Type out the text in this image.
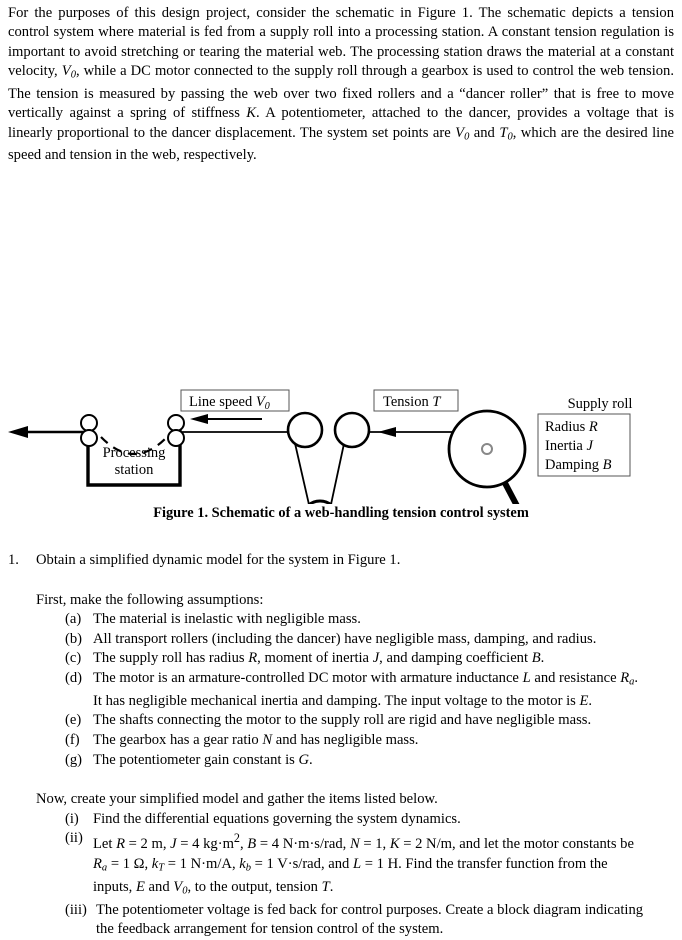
For the purposes of this design project, consider the schematic in Figure 1. The schematic depicts a tension control system where material is fed from a supply roll into a processing station. A constant tension regulation is important to avoid stretching or tearing the material web. The processing station draws the material at a constant velocity, $V_0$, while a DC motor connected to the supply roll through a gearbox is used to control the web tension. The tension is measured by passing the web over two fixed rollers and a “dancer roller” that is free to move vertically against a spring of stiffness K. A potentiometer, attached to the dancer, provides a voltage that is linearly proportional to the dancer displacement. The system set points are $V_0$ and $T_0$, which are the desired line speed and tension in the web, respectively.
Line speed $V_0$	Tension T
Processing
station
Supply roll
Radius R
Inertia J
Damping B
Figure 1. Schematic of a web-handling tension control system
1.	Obtain a simplified dynamic model for the system in Figure 1.
First, make the following assumptions:
(a) The material is inelastic with negligible mass.
(b) All transport rollers (including the dancer) have negligible mass, damping, and radius.
(c) The supply roll has radius R, moment of inertia J, and damping coefficient B.
(d) The motor is an armature-controlled DC motor with armature inductance L and resistance $R_a$.
It has negligible mechanical inertia and damping. The input voltage to the motor is E.
(e) The shafts connecting the motor to the supply roll are rigid and have negligible mass.
(f) The gearbox has a gear ratio N and has negligible mass.
(g) The potentiometer gain constant is G.
Now, create your simplified model and gather the items listed below.
(i) Find the differential equations governing the system dynamics.
(ii) Let R = 2 m, J = 4 $kg\cdot m^2$, B = 4 N·m·s/rad, N = 1, K = 2 N/m, and let the motor constants be
$R_a = 1$ Ω, $k_T = 1$ N·m/A, $k_b = 1$ V·s/rad, and L = 1 H. Find the transfer function from the
inputs, E and $V_0$, to the output, tension T.
(iii) The potentiometer voltage is fed back for control purposes. Create a block diagram indicating
the feedback arrangement for tension control of the system.
